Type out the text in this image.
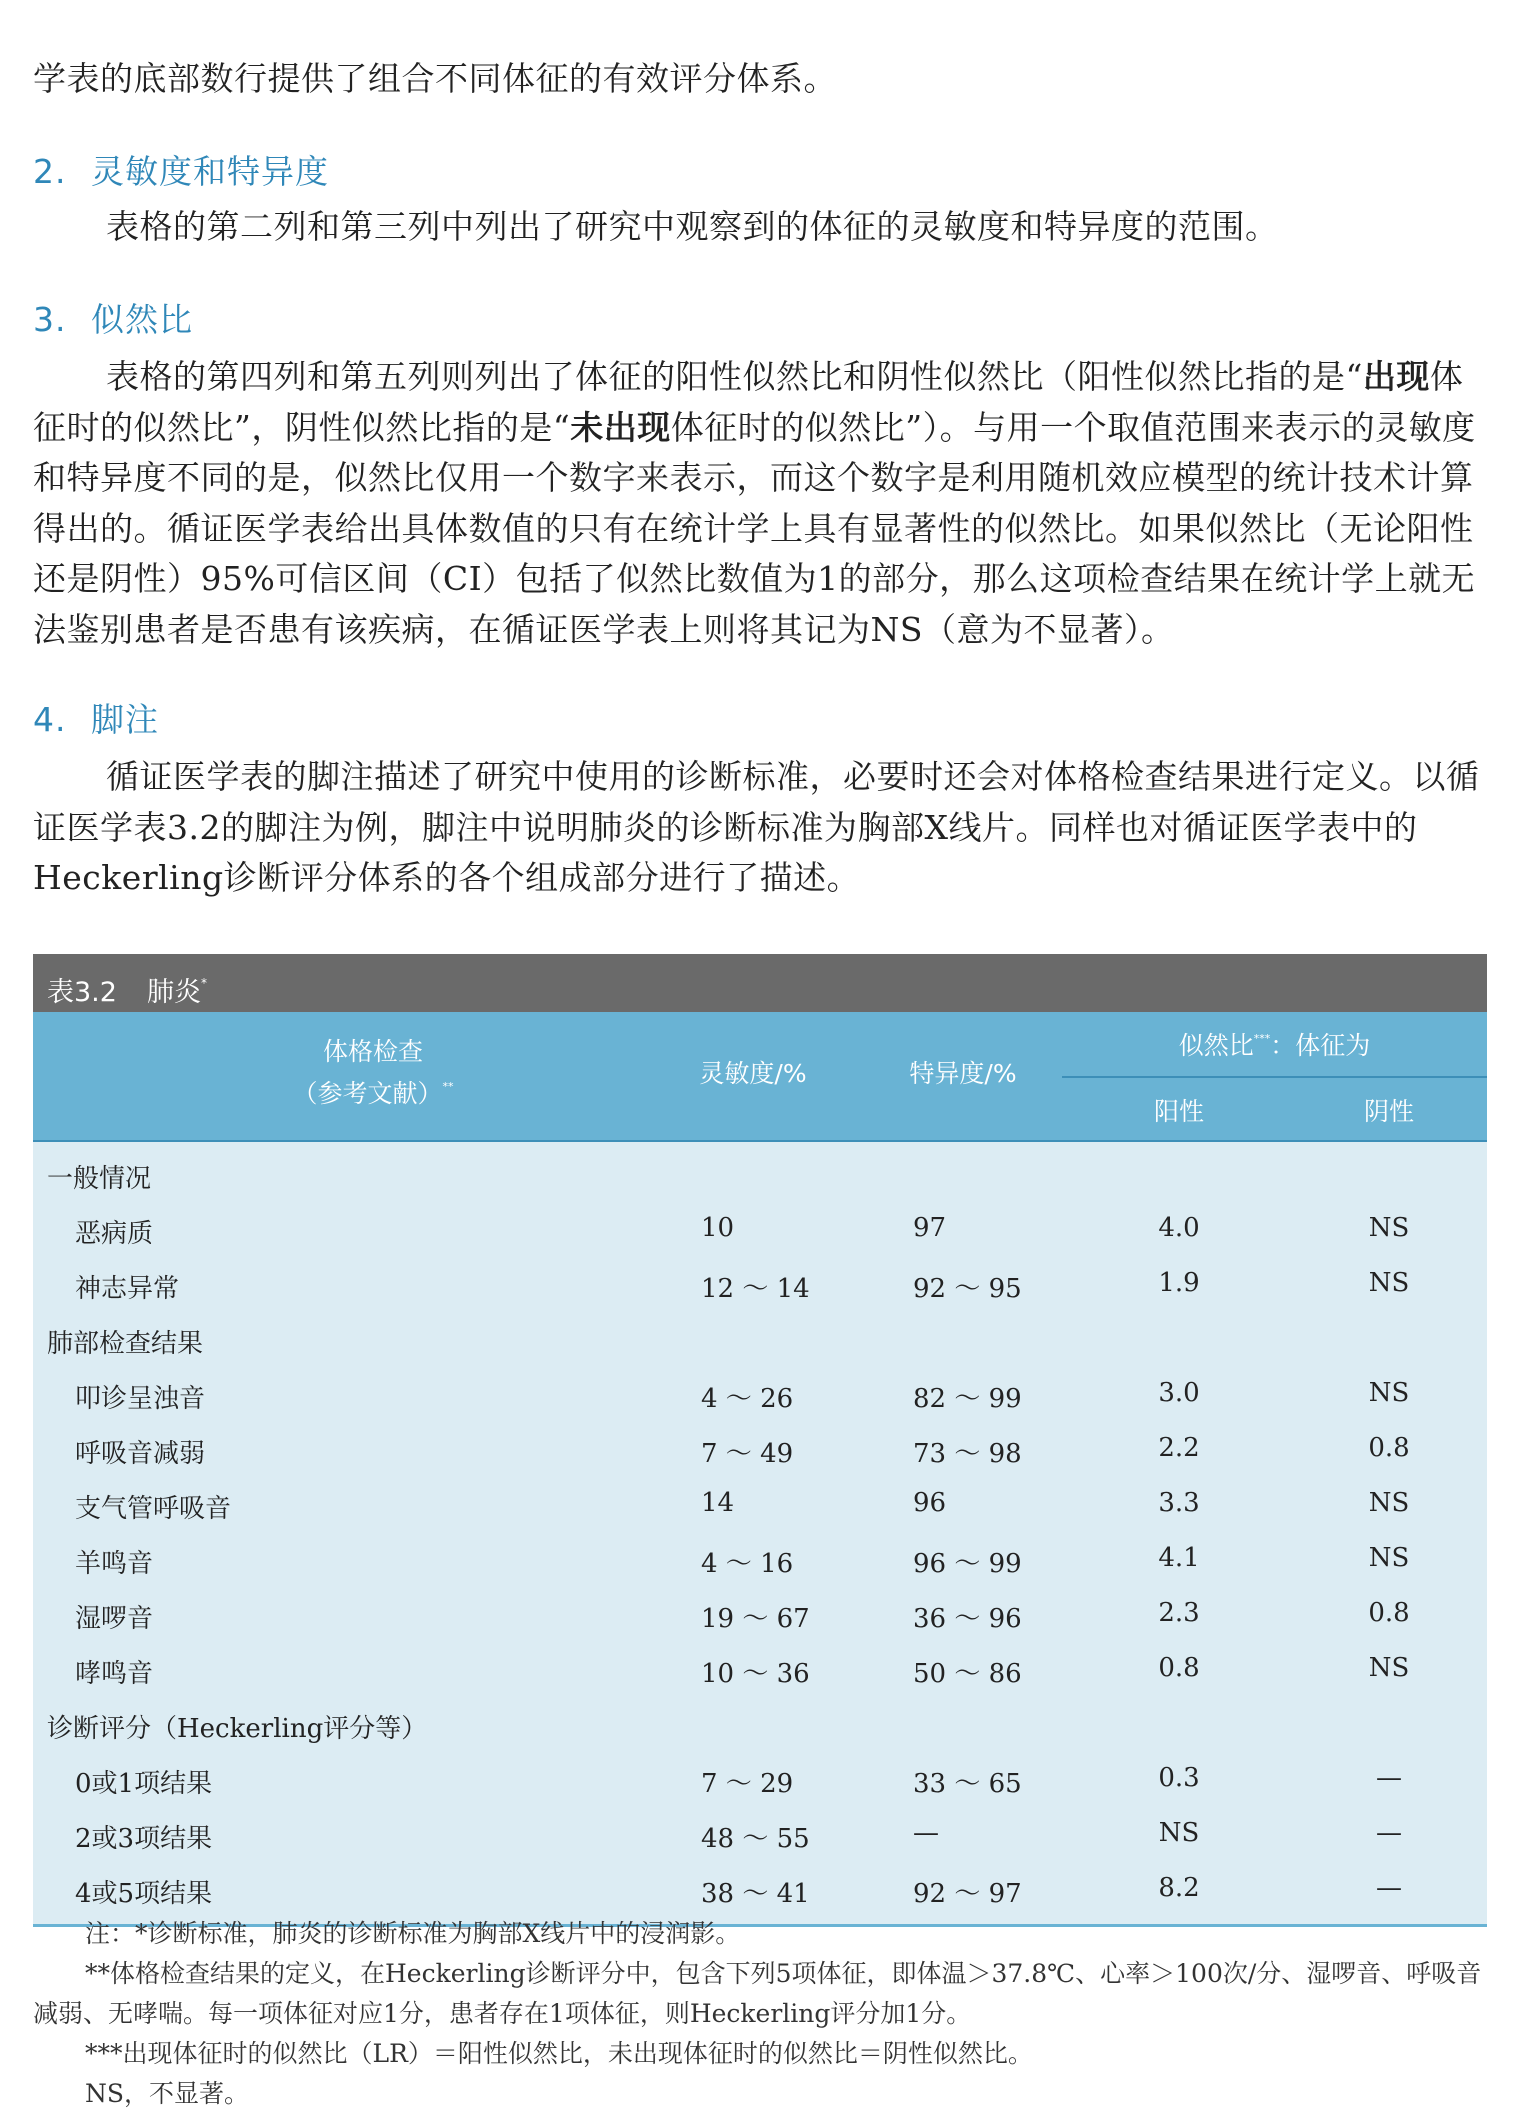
学表的底部数行提供了组合不同体征的有效评分体系。

2. 灵敏度和特异度

表格的第二列和第三列中列出了研究中观察到的体征的灵敏度和特异度的范围。

3. 似然比

表格的第四列和第五列则列出了体征的阳性似然比和阴性似然比（阳性似然比指的是“出现体征时的似然比”，阴性似然比指的是“未出现体征时的似然比”）。与用一个取值范围来表示的灵敏度和特异度不同的是，似然比仅用一个数字来表示，而这个数字是利用随机效应模型的统计技术计算得出的。循证医学表给出具体数值的只有在统计学上具有显著性的似然比。如果似然比（无论阳性还是阴性）95%可信区间（CI）包括了似然比数值为1的部分，那么这项检查结果在统计学上就无法鉴别患者是否患有该疾病，在循证医学表上则将其记为NS（意为不显著）。

4. 脚注

循证医学表的脚注描述了研究中使用的诊断标准，必要时还会对体格检查结果进行定义。以循证医学表3.2的脚注为例，脚注中说明肺炎的诊断标准为胸部X线片。同样也对循证医学表中的Heckerling诊断评分体系的各个组成部分进行了描述。

表3.2 肺炎*
体格检查
（参考文献）**	灵敏度/%	特异度/%
似然比***：体征为
阳性	阴性
一般情况
恶病质	10	97	4.0	NS
神志异常	12 ～ 14	92 ～ 95	1.9	NS
肺部检查结果
叩诊呈浊音	4 ～ 26	82 ～ 99	3.0	NS
呼吸音减弱	7 ～ 49	73 ～ 98	2.2	0.8
支气管呼吸音	14	96	3.3	NS
羊鸣音	4 ～ 16	96 ～ 99	4.1	NS
湿啰音	19 ～ 67	36 ～ 96	2.3	0.8
哮鸣音	10 ～ 36	50 ～ 86	0.8	NS
诊断评分（Heckerling评分等）
0或1项结果	7 ～ 29	33 ～ 65	0.3	—
2或3项结果	48 ～ 55	—	NS	—
4或5项结果	38 ～ 41	92 ～ 97	8.2	—

注：*诊断标准，肺炎的诊断标准为胸部X线片中的浸润影。

**体格检查结果的定义，在Heckerling诊断评分中，包含下列5项体征，即体温＞37.8℃、心率＞100次/分、湿啰音、呼吸音减弱、无哮喘。每一项体征对应1分，患者存在1项体征，则Heckerling评分加1分。

***出现体征时的似然比（LR）＝阳性似然比，未出现体征时的似然比＝阴性似然比。

NS，不显著。
